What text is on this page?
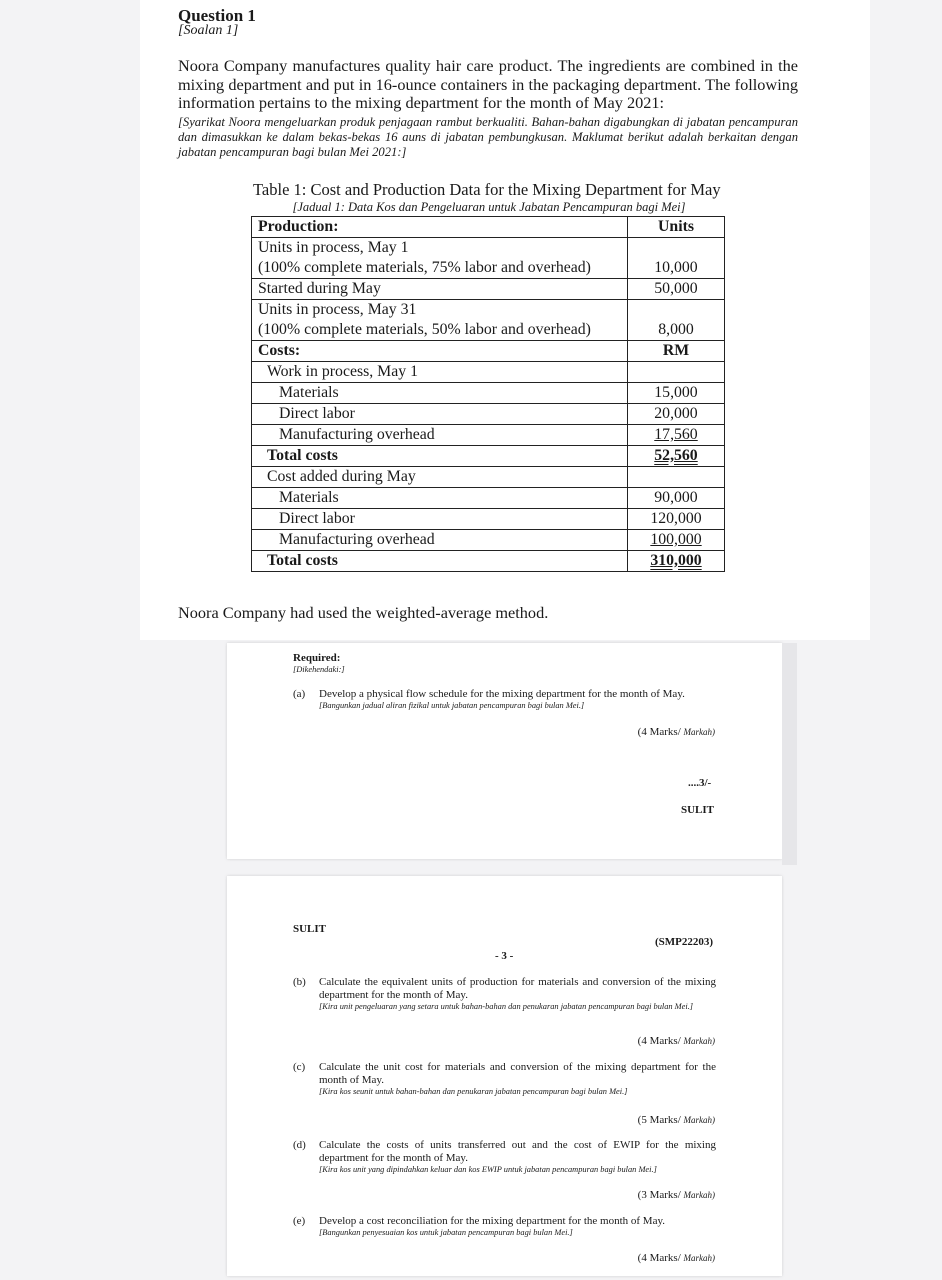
Question 1
[Soalan 1]
Noora Company manufactures quality hair care product. The ingredients are combined in the mixing department and put in 16-ounce containers in the packaging department. The following information pertains to the mixing department for the month of May 2021:
[Syarikat Noora mengeluarkan produk penjagaan rambut berkualiti. Bahan-bahan digabungkan di jabatan pencampuran dan dimasukkan ke dalam bekas-bekas 16 auns di jabatan pembungkusan. Maklumat berikut adalah berkaitan dengan jabatan pencampuran bagi bulan Mei 2021:]
Table 1: Cost and Production Data for the Mixing Department for May
[Jadual 1: Data Kos dan Pengeluaran untuk Jabatan Pencampuran bagi Mei]
Production:	Units

Units in process, May 1
(100% complete materials, 75% labor and overhead)	10,000
Started during May	50,000

Units in process, May 31
(100% complete materials, 50% labor and overhead)	8,000
Costs:	RM
Work in process, May 1	
Materials	15,000
Direct labor	20,000
Manufacturing overhead	17,560
Total costs	52,560
Cost added during May	
Materials	90,000
Direct labor	120,000
Manufacturing overhead	100,000
Total costs	310,000
Noora Company had used the weighted-average method.
Required:
[Dikehendaki:]
(a) Develop a physical flow schedule for the mixing department for the month of May.
[Bangunkan jadual aliran fizikal untuk jabatan pencampuran bagi bulan Mei.]
(4 Marks/ Markah)
....3/-
SULIT
SULIT
(SMP22203)
- 3 -
(b) Calculate the equivalent units of production for materials and conversion of the mixing department for the month of May.
[Kira unit pengeluaran yang setara untuk bahan-bahan dan penukaran jabatan pencampuran bagi bulan Mei.]
(4 Marks/ Markah)
(c) Calculate the unit cost for materials and conversion of the mixing department for the month of May.
[Kira kos seunit untuk bahan-bahan dan penukaran jabatan pencampuran bagi bulan Mei.]
(5 Marks/ Markah)
(d) Calculate the costs of units transferred out and the cost of EWIP for the mixing department for the month of May.
[Kira kos unit yang dipindahkan keluar dan kos EWIP untuk jabatan pencampuran bagi bulan Mei.]
(3 Marks/ Markah)
(e) Develop a cost reconciliation for the mixing department for the month of May.
[Bangunkan penyesuaian kos untuk jabatan pencampuran bagi bulan Mei.]
(4 Marks/ Markah)
